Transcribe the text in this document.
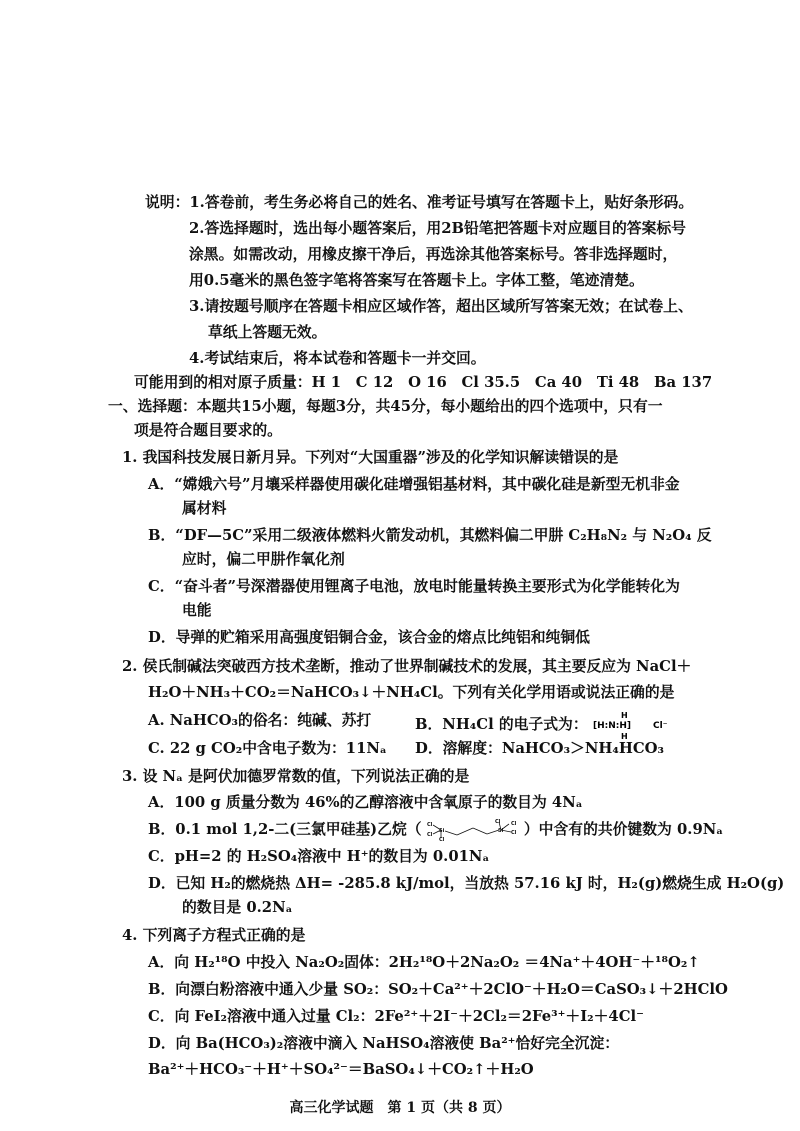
说明：1.答卷前，考生务必将自己的姓名、准考证号填写在答题卡上，贴好条形码。
2.答选择题时，选出每小题答案后，用2B铅笔把答题卡对应题目的答案标号
涂黑。如需改动，用橡皮擦干净后，再选涂其他答案标号。答非选择题时，
用0.5毫米的黑色签字笔将答案写在答题卡上。字体工整，笔迹清楚。
3.请按题号顺序在答题卡相应区域作答，超出区域所写答案无效；在试卷上、
草纸上答题无效。
4.考试结束后，将本试卷和答题卡一并交回。
可能用到的相对原子质量：H 1　C 12　O 16　Cl 35.5　Ca 40　Ti 48　Ba 137
一、选择题：本题共15小题，每题3分，共45分，每小题给出的四个选项中，只有一
项是符合题目要求的。
1. 我国科技发展日新月异。下列对“大国重器”涉及的化学知识解读错误的是
A．“嫦娥六号”月壤采样器使用碳化硅增强铝基材料，其中碳化硅是新型无机非金
属材料
B．“DF—5C”采用二级液体燃料火箭发动机，其燃料偏二甲肼 C₂H₈N₂ 与 N₂O₄ 反
应时，偏二甲肼作氧化剂
C．“奋斗者”号深潜器使用锂离子电池，放电时能量转换主要形式为化学能转化为
电能
D．导弹的贮箱采用高强度铝铜合金，该合金的熔点比纯铝和纯铜低
2. 侯氏制碱法突破西方技术垄断，推动了世界制碱技术的发展，其主要反应为 NaCl＋
H₂O＋NH₃＋CO₂＝NaHCO₃↓＋NH₄Cl。下列有关化学用语或说法正确的是
A. NaHCO₃的俗名：纯碱、苏打	B．NH₄Cl 的电子式为：
H
[H:N:H]
H
Cl⁻
C. 22 g CO₂中含电子数为：11Nₐ D．溶解度：NaHCO₃＞NH₄HCO₃
3. 设 Nₐ 是阿伏加德罗常数的值，下列说法正确的是
A．100 g 质量分数为 46%的乙醇溶液中含氧原子的数目为 4Nₐ
B．0.1 mol 1,2-二(三氯甲硅基)乙烷（	Si
Cl
Cl
Cl
Si
Cl
Cl
Cl ）中含有的共价键数为 0.9Nₐ
C．pH=2 的 H₂SO₄溶液中 H⁺的数目为 0.01Nₐ
D．已知 H₂的燃烧热 ΔH= -285.8 kJ/mol，当放热 57.16 kJ 时，H₂(g)燃烧生成 H₂O(g)
的数目是 0.2Nₐ
4. 下列离子方程式正确的是
A．向 H₂¹⁸O 中投入 Na₂O₂固体：2H₂¹⁸O＋2Na₂O₂ ＝4Na⁺＋4OH⁻＋¹⁸O₂↑
B．向漂白粉溶液中通入少量 SO₂：SO₂＋Ca²⁺＋2ClO⁻＋H₂O＝CaSO₃↓＋2HClO
C．向 FeI₂溶液中通入过量 Cl₂：2Fe²⁺＋2I⁻＋2Cl₂＝2Fe³⁺＋I₂＋4Cl⁻
D．向 Ba(HCO₃)₂溶液中滴入 NaHSO₄溶液使 Ba²⁺恰好完全沉淀：
Ba²⁺＋HCO₃⁻＋H⁺＋SO₄²⁻＝BaSO₄↓＋CO₂↑＋H₂O
高三化学试题　第 1 页（共 8 页）
